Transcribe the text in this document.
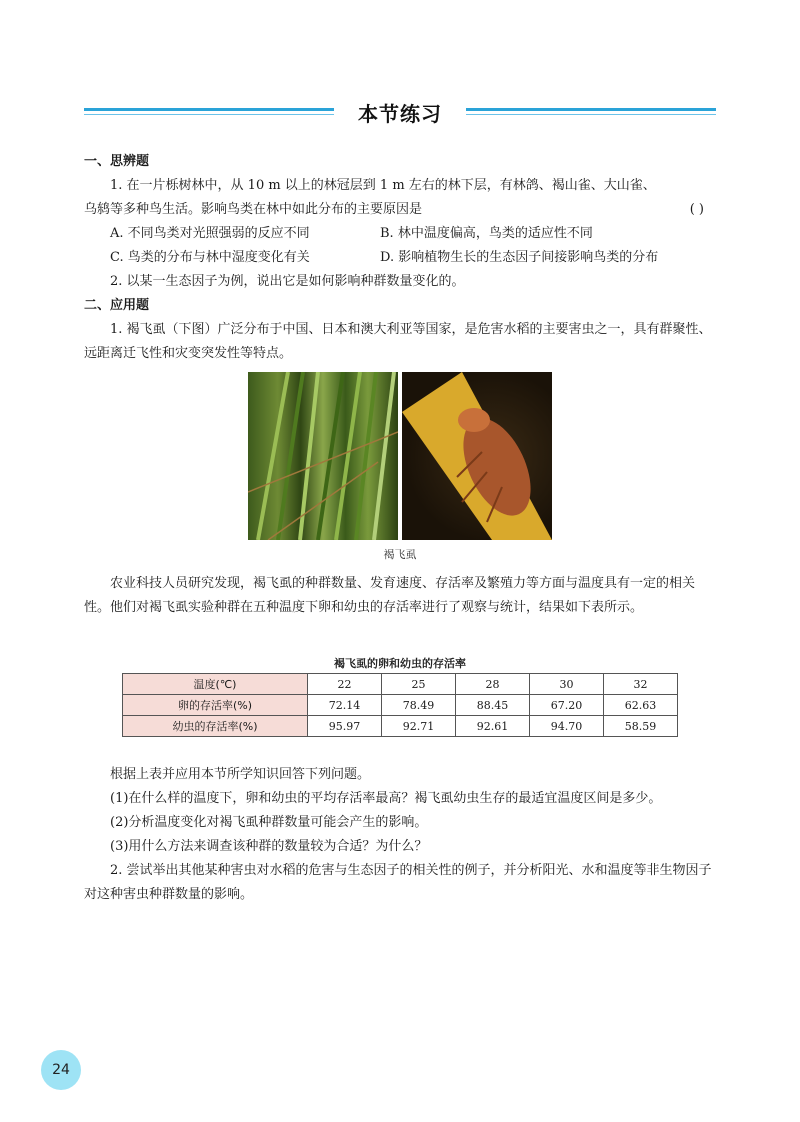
本节练习
一、思辨题
1. 在一片栎树林中，从 10 m 以上的林冠层到 1 m 左右的林下层，有林鸽、褐山雀、大山雀、
乌鸫等多种鸟生活。影响鸟类在林中如此分布的主要原因是	( )
A. 不同鸟类对光照强弱的反应不同	B. 林中温度偏高，鸟类的适应性不同
C. 鸟类的分布与林中湿度变化有关	D. 影响植物生长的生态因子间接影响鸟类的分布
2. 以某一生态因子为例，说出它是如何影响种群数量变化的。
二、应用题
1. 褐飞虱（下图）广泛分布于中国、日本和澳大利亚等国家，是危害水稻的主要害虫之一，具有群聚性、远距离迁飞性和灾变突发性等特点。
褐飞虱
农业科技人员研究发现，褐飞虱的种群数量、发育速度、存活率及繁殖力等方面与温度具有一定的相关性。他们对褐飞虱实验种群在五种温度下卵和幼虫的存活率进行了观察与统计，结果如下表所示。
褐飞虱的卵和幼虫的存活率
温度(℃)	22	25	28	30	32
卵的存活率(%)	72.14	78.49	88.45	67.20	62.63
幼虫的存活率(%)	95.97	92.71	92.61	94.70	58.59
根据上表并应用本节所学知识回答下列问题。
(1)在什么样的温度下，卵和幼虫的平均存活率最高？褐飞虱幼虫生存的最适宜温度区间是多少。
(2)分析温度变化对褐飞虱种群数量可能会产生的影响。
(3)用什么方法来调查该种群的数量较为合适？为什么？
2. 尝试举出其他某种害虫对水稻的危害与生态因子的相关性的例子，并分析阳光、水和温度等非生物因子对这种害虫种群数量的影响。
24
